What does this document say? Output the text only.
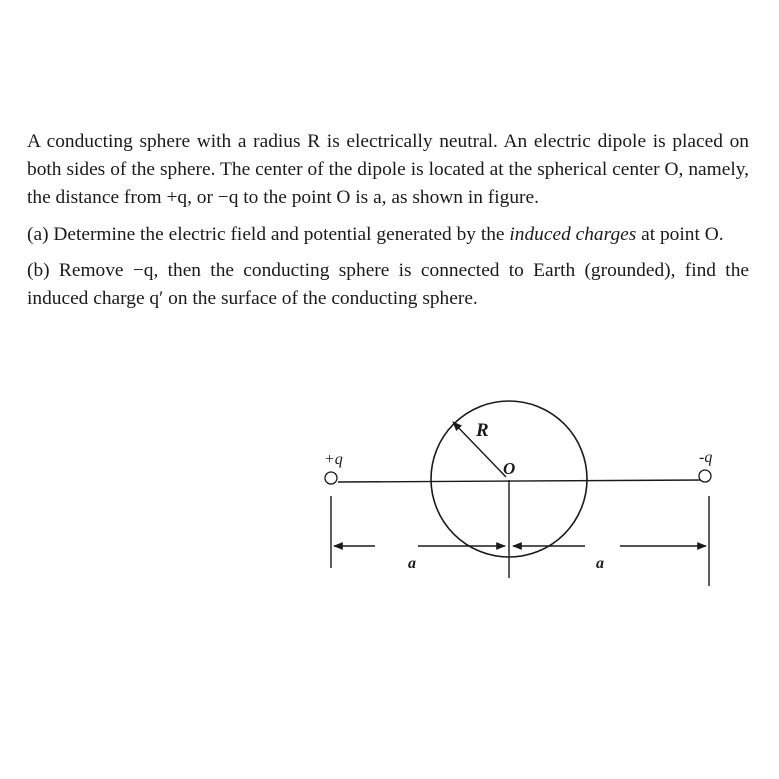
A conducting sphere with a radius R is electrically neutral. An electric dipole is placed on both sides of the sphere. The center of the dipole is located at the spherical center O, namely, the distance from +q, or −q to the point O is a, as shown in figure.

(a) Determine the electric field and potential generated by the induced charges at point O.

(b) Remove −q, then the conducting sphere is connected to Earth (grounded), find the induced charge q′ on the surface of the conducting sphere.

+q	-q
R
O
a	a
